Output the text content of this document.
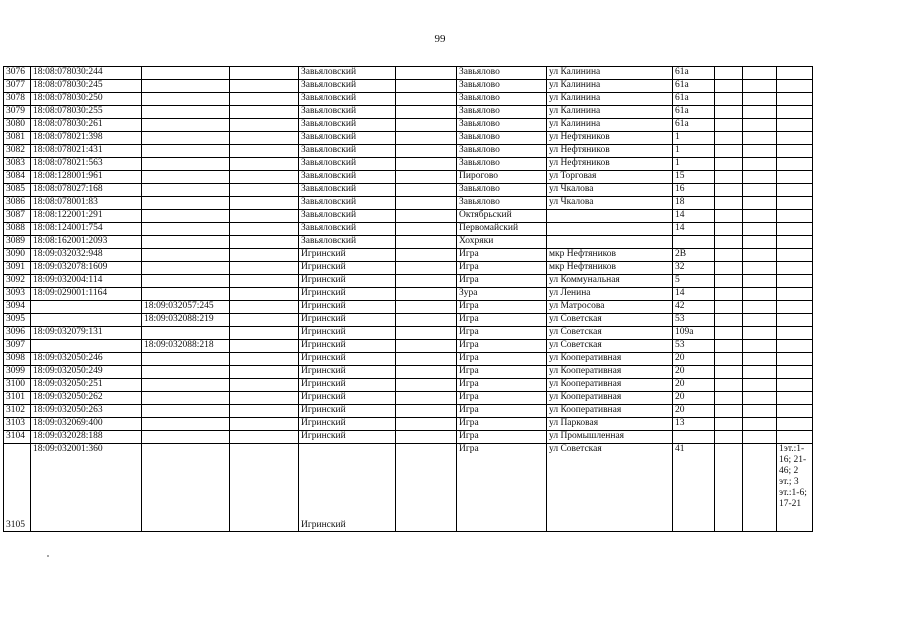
99
3076	18:08:078030:244			Завьяловский		Завьялово	ул Калинина	61а			
3077	18:08:078030:245			Завьяловский		Завьялово	ул Калинина	61а			
3078	18:08:078030:250			Завьяловский		Завьялово	ул Калинина	61а			
3079	18:08:078030:255			Завьяловский		Завьялово	ул Калинина	61а			
3080	18:08:078030:261			Завьяловский		Завьялово	ул Калинина	61а			
3081	18:08:078021:398			Завьяловский		Завьялово	ул Нефтяников	1			
3082	18:08:078021:431			Завьяловский		Завьялово	ул Нефтяников	1			
3083	18:08:078021:563			Завьяловский		Завьялово	ул Нефтяников	1			
3084	18:08:128001:961			Завьяловский		Пирогово	ул Торговая	15			
3085	18:08:078027:168			Завьяловский		Завьялово	ул Чкалова	16			
3086	18:08:078001:83			Завьяловский		Завьялово	ул Чкалова	18			
3087	18:08:122001:291			Завьяловский		Октябрьский		14			
3088	18:08:124001:754			Завьяловский		Первомайский		14			
3089	18:08:162001:2093			Завьяловский		Хохряки					
3090	18:09:032032:948			Игринский		Игра	мкр Нефтяников	2В			
3091	18:09:032078:1609			Игринский		Игра	мкр Нефтяников	32			
3092	18:09:032004:114			Игринский		Игра	ул Коммунальная	5			
3093	18:09:029001:1164			Игринский		Зура	ул Ленина	14			
3094		18:09:032057:245		Игринский		Игра	ул Матросова	42			
3095		18:09:032088:219		Игринский		Игра	ул Советская	53			
3096	18:09:032079:131			Игринский		Игра	ул Советская	109а			
3097		18:09:032088:218		Игринский		Игра	ул Советская	53			
3098	18:09:032050:246			Игринский		Игра	ул Кооперативная	20			
3099	18:09:032050:249			Игринский		Игра	ул Кооперативная	20			
3100	18:09:032050:251			Игринский		Игра	ул Кооперативная	20			
3101	18:09:032050:262			Игринский		Игра	ул Кооперативная	20			
3102	18:09:032050:263			Игринский		Игра	ул Кооперативная	20			
3103	18:09:032069:400			Игринский		Игра	ул Парковая	13			
3104	18:09:032028:188			Игринский		Игра	ул Промышленная				
3105	18:09:032001:360			Игринский		Игра	ул Советская	41			1эт.:1-16; 21-46; 2 эт.; 3 эт.:1-6; 17-21
